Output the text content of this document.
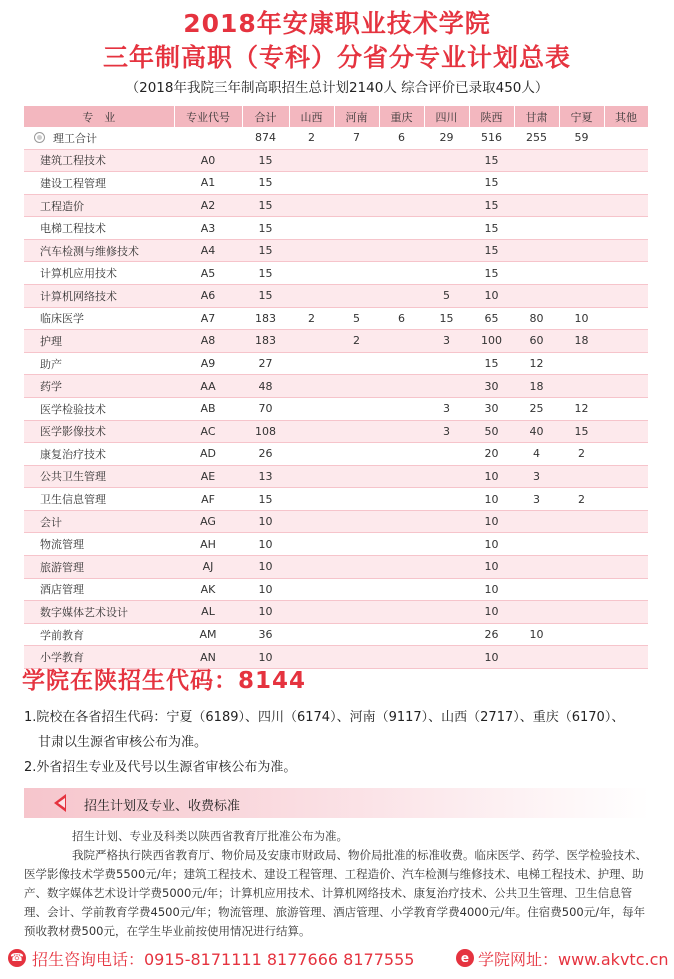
2018年安康职业技术学院
三年制高职（专科）分省分专业计划总表
（2018年我院三年制高职招生总计划2140人 综合评价已录取450人）
专　业	专业代号	合计	山西	河南	重庆	四川	陕西	甘肃	宁夏	其他
理工合计		874	2	7	6	29	516	255	59	
建筑工程技术	A0	15					15			
建设工程管理	A1	15					15			
工程造价	A2	15					15			
电梯工程技术	A3	15					15			
汽车检测与维修技术	A4	15					15			
计算机应用技术	A5	15					15			
计算机网络技术	A6	15				5	10			
临床医学	A7	183	2	5	6	15	65	80	10	
护理	A8	183		2		3	100	60	18	
助产	A9	27					15	12		
药学	AA	48					30	18		
医学检验技术	AB	70				3	30	25	12	
医学影像技术	AC	108				3	50	40	15	
康复治疗技术	AD	26					20	4	2	
公共卫生管理	AE	13					10	3		
卫生信息管理	AF	15					10	3	2	
会计	AG	10					10			
物流管理	AH	10					10			
旅游管理	AJ	10					10			
酒店管理	AK	10					10			
数字媒体艺术设计	AL	10					10			
学前教育	AM	36					26	10		
小学教育	AN	10					10			
学院在陕招生代码：8144
1.院校在各省招生代码：宁夏（6189）、四川（6174）、河南（9117）、山西（2717）、重庆（6170）、
甘肃以生源省审核公布为准。
2.外省招生专业及代号以生源省审核公布为准。
招生计划及专业、收费标准

招生计划、专业及科类以陕西省教育厅批准公布为准。

我院严格执行陕西省教育厅、物价局及安康市财政局、物价局批准的标准收费。临床医学、药学、医学检验技术、医学影像技术学费5500元/年；建筑工程技术、建设工程管理、工程造价、汽车检测与维修技术、电梯工程技术、护理、助产、数字媒体艺术设计学费5000元/年；计算机应用技术、计算机网络技术、康复治疗技术、公共卫生管理、卫生信息管理、会计、学前教育学费4500元/年；物流管理、旅游管理、酒店管理、小学教育学费4000元/年。住宿费500元/年，每年预收教材费500元，在学生毕业前按使用情况进行结算。

☎ 招生咨询电话：0915-8171111 8177666 8177555	e 学院网址：www.akvtc.cn
